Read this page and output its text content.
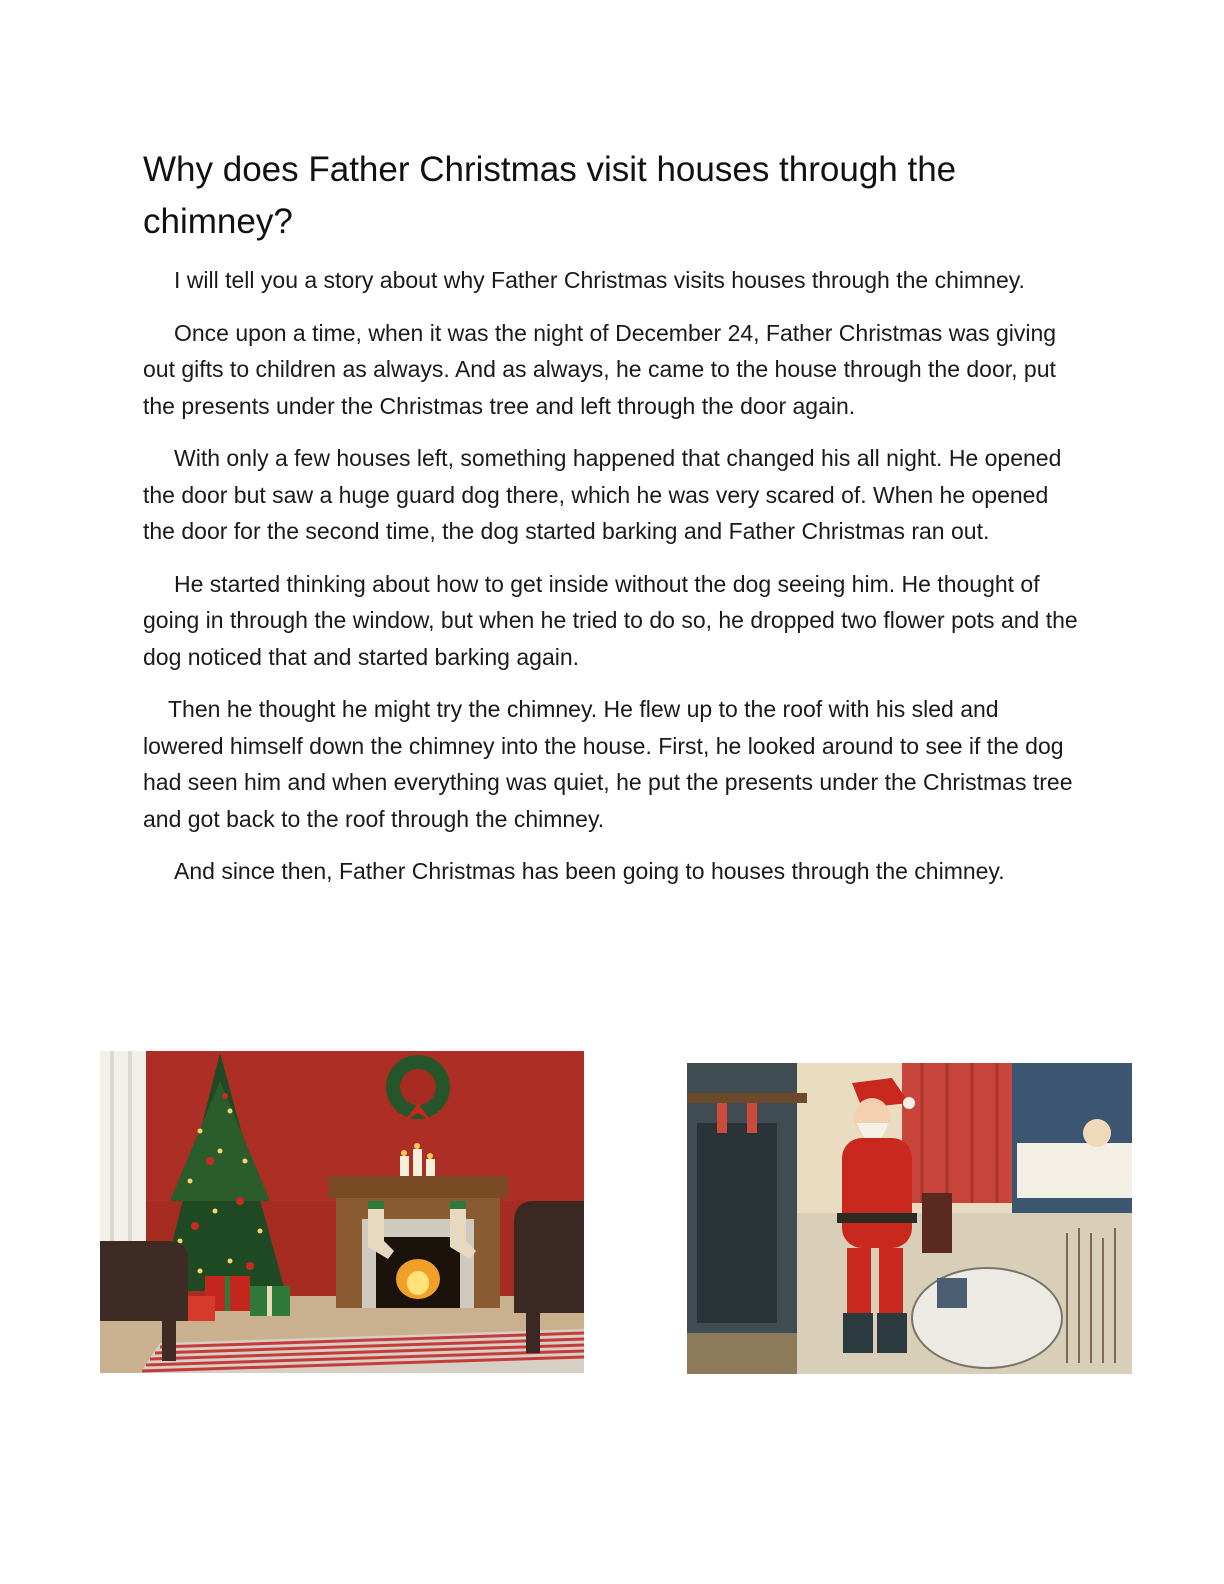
Why does Father Christmas visit houses through the chimney?

I will tell you a story about why Father Christmas visits houses through the chimney.

Once upon a time, when it was the night of December 24, Father Christmas was giving out gifts to children as always. And as always, he came to the house through the door, put the presents under the Christmas tree and left through the door again.

With only a few houses left, something happened that changed his all night. He opened the door but saw a huge guard dog there, which he was very scared of. When he opened the door for the second time, the dog started barking and Father Christmas ran out.

He started thinking about how to get inside without the dog seeing him. He thought of going in through the window, but when he tried to do so, he dropped two flower pots and the dog noticed that and started barking again.

Then he thought he might try the chimney. He flew up to the roof with his sled and lowered himself down the chimney into the house. First, he looked around to see if the dog had seen him and when everything was quiet, he put the presents under the Christmas tree and got back to the roof through the chimney.

And since then, Father Christmas has been going to houses through the chimney.
